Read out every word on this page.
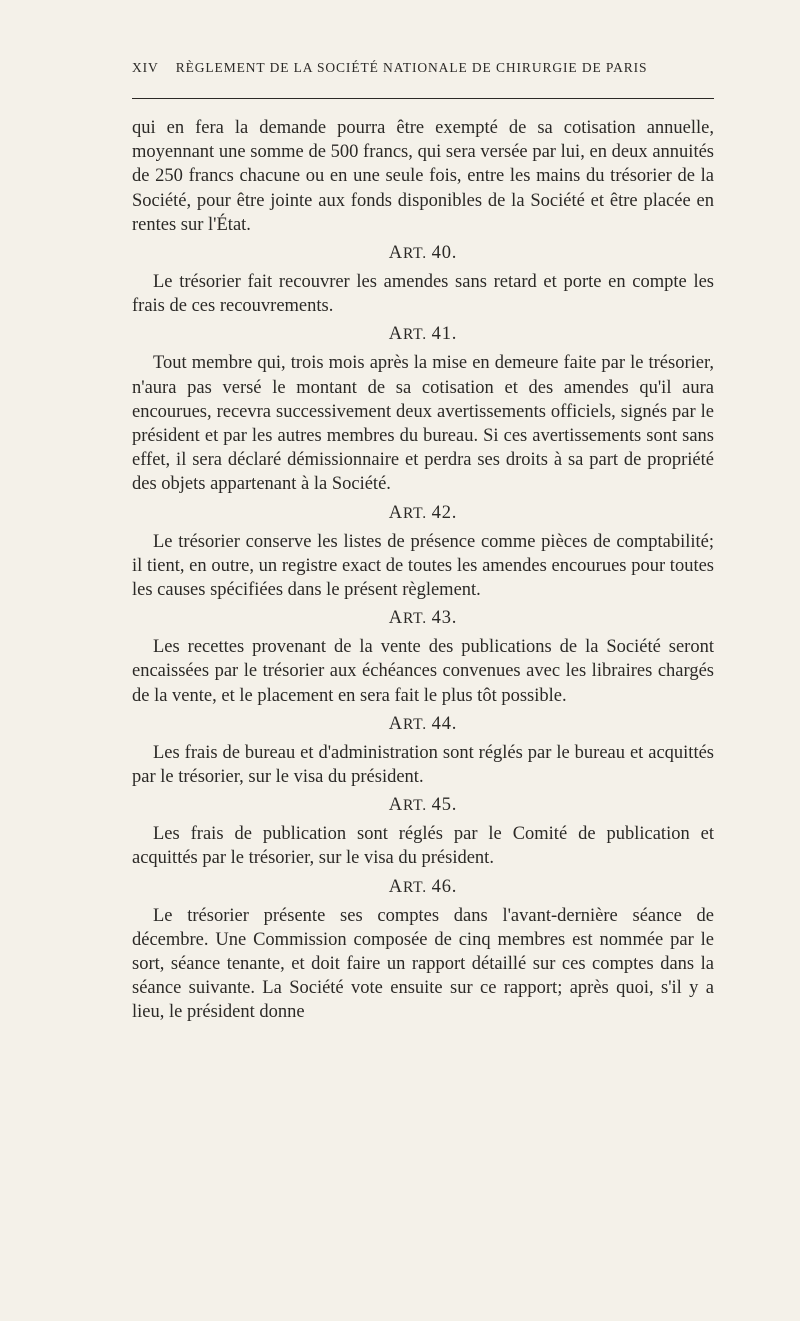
XIV RÈGLEMENT DE LA SOCIÉTÉ NATIONALE DE CHIRURGIE DE PARIS

qui en fera la demande pourra être exempté de sa cotisation annuelle, moyennant une somme de 500 francs, qui sera versée par lui, en deux annuités de 250 francs chacune ou en une seule fois, entre les mains du trésorier de la Société, pour être jointe aux fonds disponibles de la Société et être placée en rentes sur l'État.

ART. 40.

Le trésorier fait recouvrer les amendes sans retard et porte en compte les frais de ces recouvrements.

ART. 41.

Tout membre qui, trois mois après la mise en demeure faite par le trésorier, n'aura pas versé le montant de sa cotisation et des amendes qu'il aura encourues, recevra successivement deux avertissements officiels, signés par le président et par les autres membres du bureau. Si ces avertissements sont sans effet, il sera déclaré démissionnaire et perdra ses droits à sa part de propriété des objets appartenant à la Société.

ART. 42.

Le trésorier conserve les listes de présence comme pièces de comptabilité; il tient, en outre, un registre exact de toutes les amendes encourues pour toutes les causes spécifiées dans le présent règlement.

ART. 43.

Les recettes provenant de la vente des publications de la Société seront encaissées par le trésorier aux échéances convenues avec les libraires chargés de la vente, et le placement en sera fait le plus tôt possible.

ART. 44.

Les frais de bureau et d'administration sont réglés par le bureau et acquittés par le trésorier, sur le visa du président.

ART. 45.

Les frais de publication sont réglés par le Comité de publication et acquittés par le trésorier, sur le visa du président.

ART. 46.

Le trésorier présente ses comptes dans l'avant-dernière séance de décembre. Une Commission composée de cinq membres est nommée par le sort, séance tenante, et doit faire un rapport détaillé sur ces comptes dans la séance suivante. La Société vote ensuite sur ce rapport; après quoi, s'il y a lieu, le président donne
